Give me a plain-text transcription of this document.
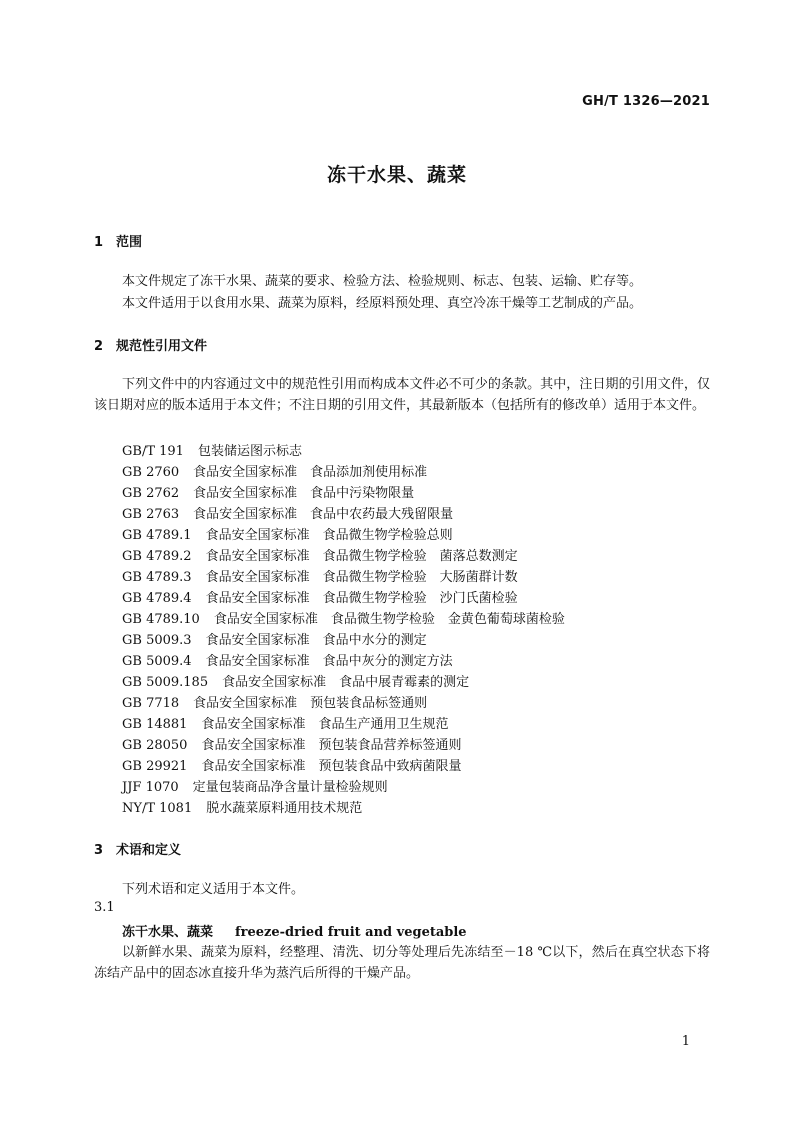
GH/T 1326—2021
冻干水果、蔬菜
1 范围
本文件规定了冻干水果、蔬菜的要求、检验方法、检验规则、标志、包装、运输、贮存等。
本文件适用于以食用水果、蔬菜为原料，经原料预处理、真空冷冻干燥等工艺制成的产品。
2 规范性引用文件
下列文件中的内容通过文中的规范性引用而构成本文件必不可少的条款。其中，注日期的引用文件，仅该日期对应的版本适用于本文件；不注日期的引用文件，其最新版本（包括所有的修改单）适用于本文件。
GB/T 191 包装储运图示标志
GB 2760 食品安全国家标准　食品添加剂使用标准
GB 2762 食品安全国家标准　食品中污染物限量
GB 2763 食品安全国家标准　食品中农药最大残留限量
GB 4789.1 食品安全国家标准　食品微生物学检验总则
GB 4789.2 食品安全国家标准　食品微生物学检验　菌落总数测定
GB 4789.3 食品安全国家标准　食品微生物学检验　大肠菌群计数
GB 4789.4 食品安全国家标准　食品微生物学检验　沙门氏菌检验
GB 4789.10 食品安全国家标准　食品微生物学检验　金黄色葡萄球菌检验
GB 5009.3 食品安全国家标准　食品中水分的测定
GB 5009.4 食品安全国家标准　食品中灰分的测定方法
GB 5009.185 食品安全国家标准　食品中展青霉素的测定
GB 7718 食品安全国家标准　预包装食品标签通则
GB 14881 食品安全国家标准　食品生产通用卫生规范
GB 28050 食品安全国家标准　预包装食品营养标签通则
GB 29921 食品安全国家标准　预包装食品中致病菌限量
JJF 1070 定量包装商品净含量计量检验规则
NY/T 1081 脱水蔬菜原料通用技术规范
3 术语和定义
下列术语和定义适用于本文件。
3.1
冻干水果、蔬菜 freeze-dried fruit and vegetable
以新鲜水果、蔬菜为原料，经整理、清洗、切分等处理后先冻结至－18 ℃以下，然后在真空状态下将冻结产品中的固态冰直接升华为蒸汽后所得的干燥产品。
1
